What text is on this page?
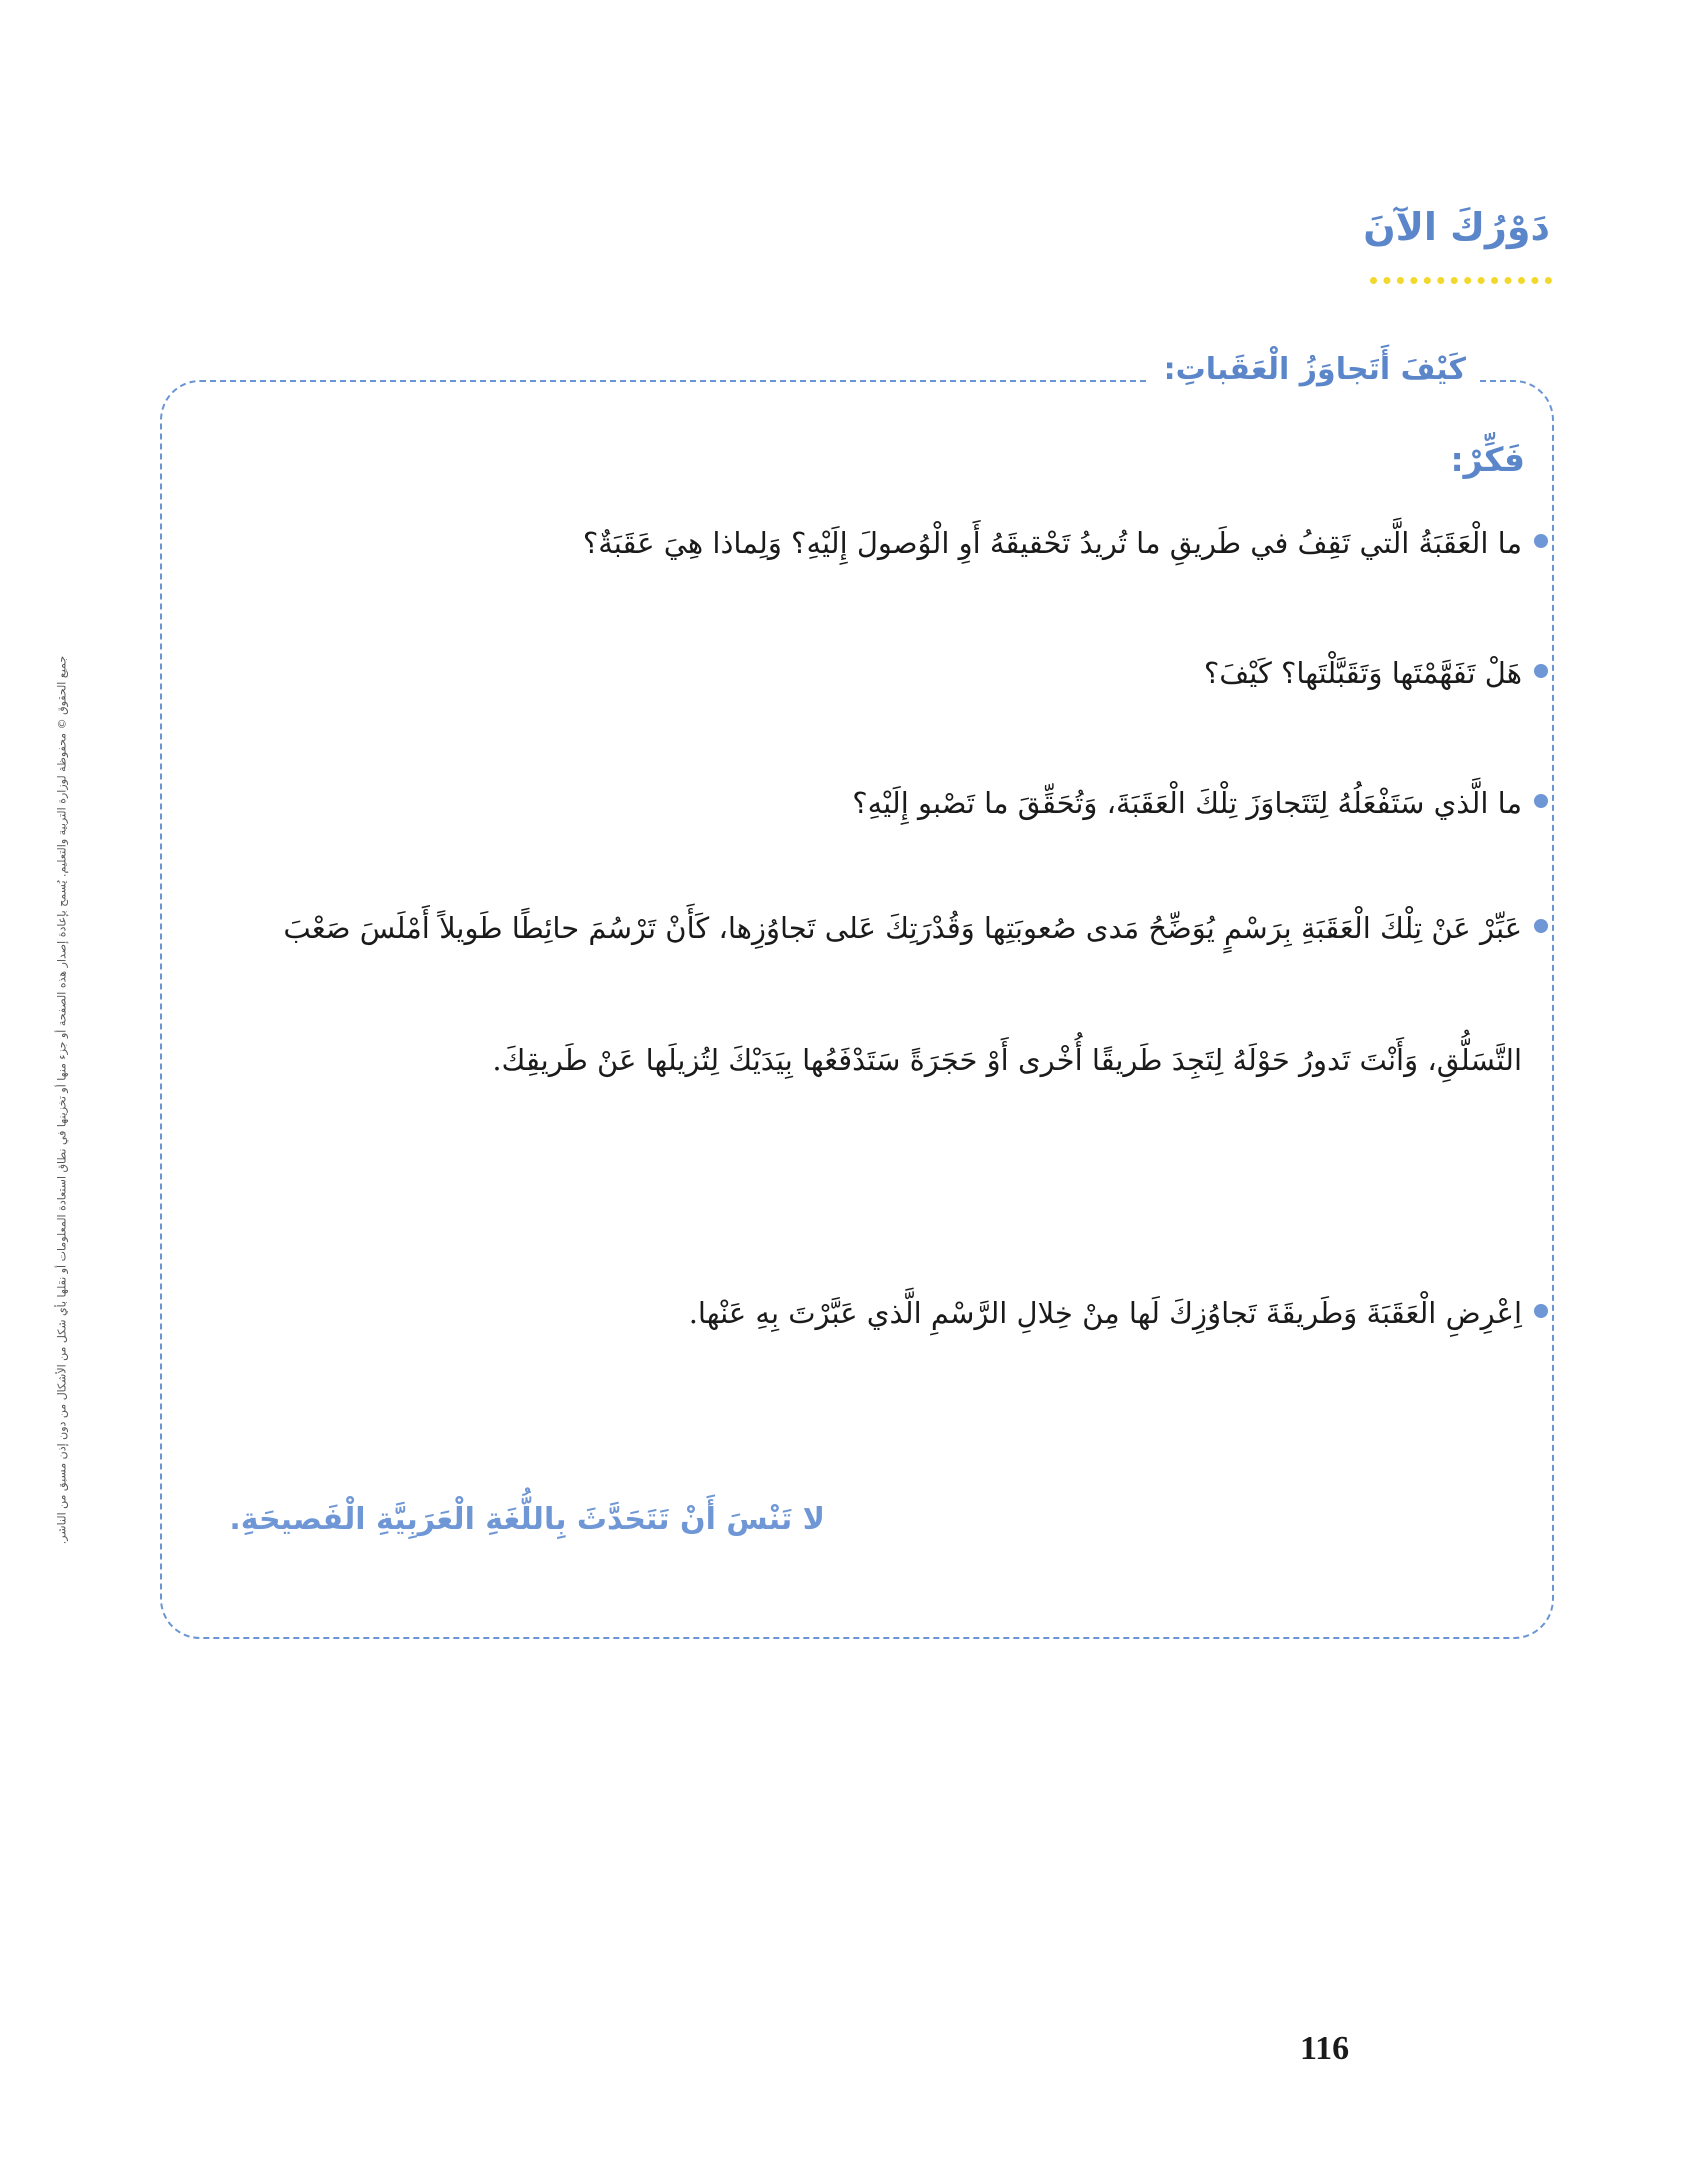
دَوْرُكَ الآنَ
كَيْفَ أَتَجاوَزُ الْعَقَباتِ:
فَكِّرْ:
ما الْعَقَبَةُ الَّتي تَقِفُ في طَريقِ ما تُريدُ تَحْقيقَهُ أَوِ الْوُصولَ إِلَيْهِ؟ وَلِماذا هِيَ عَقَبَةٌ؟
هَلْ تَفَهَّمْتَها وَتَقَبَّلْتَها؟ كَيْفَ؟
ما الَّذي سَتَفْعَلُهُ لِتَتَجاوَزَ تِلْكَ الْعَقَبَةَ، وَتُحَقِّقَ ما تَصْبو إِلَيْهِ؟
عَبِّرْ عَنْ تِلْكَ الْعَقَبَةِ بِرَسْمٍ يُوَضِّحُ مَدى صُعوبَتِها وَقُدْرَتِكَ عَلى تَجاوُزِها، كَأَنْ تَرْسُمَ حائِطًا طَويلاً أَمْلَسَ صَعْبَ التَّسَلُّقِ، وَأَنْتَ تَدورُ حَوْلَهُ لِتَجِدَ طَريقًا أُخْرى أَوْ حَجَرَةً سَتَدْفَعُها بِيَدَيْكَ لِتُزيلَها عَنْ طَريقِكَ.
اِعْرِضِ الْعَقَبَةَ وَطَريقَةَ تَجاوُزِكَ لَها مِنْ خِلالِ الرَّسْمِ الَّذي عَبَّرْتَ بِهِ عَنْها.
لا تَنْسَ أَنْ تَتَحَدَّثَ بِاللُّغَةِ الْعَرَبِيَّةِ الْفَصيحَةِ.
جميع الحقوق © محفوظة لوزارة التربية والتعليم. يُسمح بإعادة إصدار هذه الصفحة أو جزء منها أو تخزينها في نطاق استعادة المعلومات أو نقلها بأي شكل من الأشكال من دون إذن مسبق من الناشر.
116
